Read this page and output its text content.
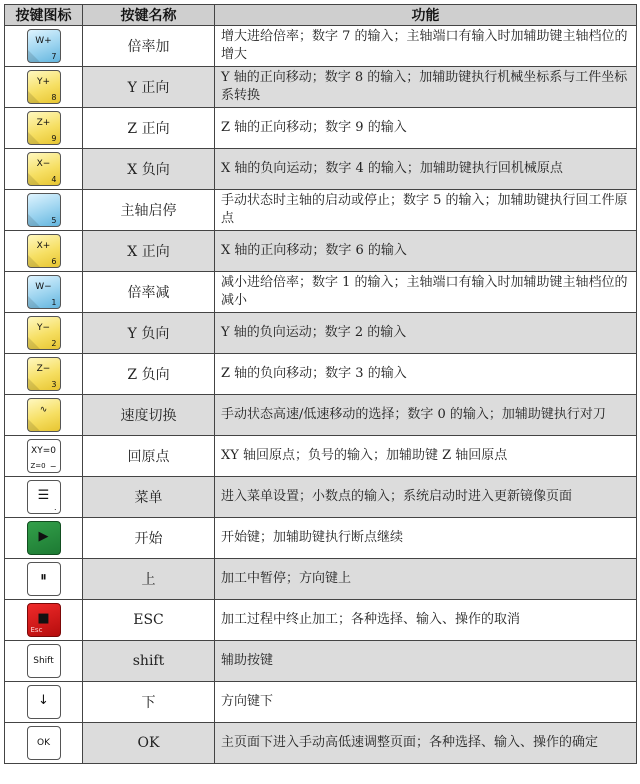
按键图标	按键名称	功能

W+
7	倍率加	增大进给倍率；数字 7 的输入；主轴端口有输入时加辅助键主轴档位的增大

Y+
8	Y 正向	Y 轴的正向移动；数字 8 的输入；加辅助键执行机械坐标系与工件坐标系转换

Z+
9	Z 正向	Z 轴的正向移动；数字 9 的输入

X−
4	X 负向	X 轴的负向运动；数字 4 的输入；加辅助键执行回机械原点

5	主轴启停	手动状态时主轴的启动或停止；数字 5 的输入；加辅助键执行回工件原点

X+
6	X 正向	X 轴的正向移动；数字 6 的输入

W−
1	倍率减	减小进给倍率；数字 1 的输入；主轴端口有输入时加辅助键主轴档位的减小

Y−
2	Y 负向	Y 轴的负向运动；数字 2 的输入

Z−
3	Z 负向	Z 轴的负向移动；数字 3 的输入

∿	速度切换	手动状态高速/低速移动的选择；数字 0 的输入；加辅助键执行对刀

XY=0
−
Z=0	回原点	XY 轴回原点；负号的输入；加辅助键 Z 轴回原点

☰
.	菜单	进入菜单设置；小数点的输入；系统启动时进入更新镜像页面

▶	开始	开始键；加辅助键执行断点继续

⏸	上	加工中暂停；方向键上

■
Esc	ESC	加工过程中终止加工；各种选择、输入、操作的取消

Shift	shift	辅助按键

↓	下	方向键下

OK	OK	主页面下进入手动高低速调整页面；各种选择、输入、操作的确定
